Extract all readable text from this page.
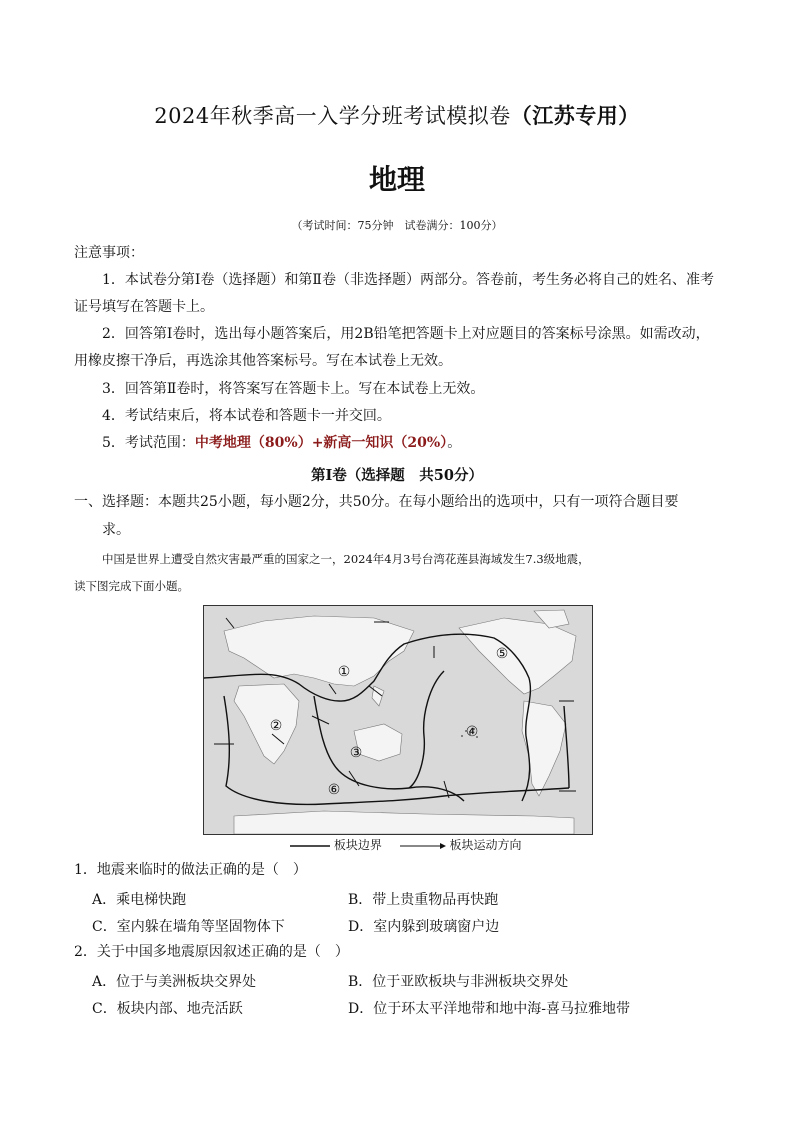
2024年秋季高一入学分班考试模拟卷（江苏专用）
地理
（考试时间：75分钟　试卷满分：100分）
注意事项：
1．本试卷分第Ⅰ卷（选择题）和第Ⅱ卷（非选择题）两部分。答卷前，考生务必将自己的姓名、准考
证号填写在答题卡上。
2．回答第Ⅰ卷时，选出每小题答案后，用2B铅笔把答题卡上对应题目的答案标号涂黑。如需改动，
用橡皮擦干净后，再选涂其他答案标号。写在本试卷上无效。
3．回答第Ⅱ卷时，将答案写在答题卡上。写在本试卷上无效。
4．考试结束后，将本试卷和答题卡一并交回。
5．考试范围：中考地理（80%）+新高一知识（20%）。
第Ⅰ卷（选择题　共50分）
一、选择题：本题共25小题，每小题2分，共50分。在每小题给出的选项中，只有一项符合题目要
求。
中国是世界上遭受自然灾害最严重的国家之一，2024年4月3号台湾花莲县海域发生7.3级地震，
读下图完成下面小题。
①
②
③
④
⑤
⑥
板块边界	板块运动方向
1．地震来临时的做法正确的是（　）
A．乘电梯快跑	B．带上贵重物品再快跑
C．室内躲在墙角等坚固物体下	D．室内躲到玻璃窗户边
2．关于中国多地震原因叙述正确的是（　）
A．位于与美洲板块交界处	B．位于亚欧板块与非洲板块交界处
C．板块内部、地壳活跃	D．位于环太平洋地带和地中海-喜马拉雅地带
